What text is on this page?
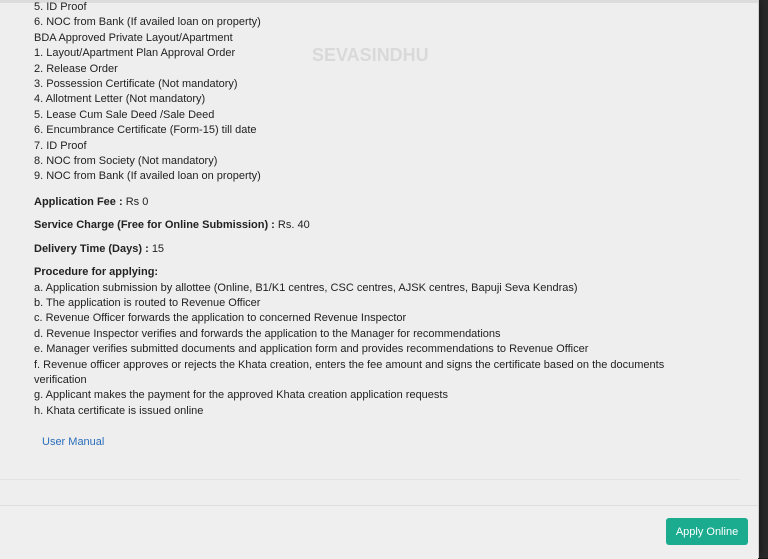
SEVASINDHU
5. ID Proof
6. NOC from Bank (If availed loan on property)
BDA Approved Private Layout/Apartment
1. Layout/Apartment Plan Approval Order
2. Release Order
3. Possession Certificate (Not mandatory)
4. Allotment Letter (Not mandatory)
5. Lease Cum Sale Deed /Sale Deed
6. Encumbrance Certificate (Form-15) till date
7. ID Proof
8. NOC from Society (Not mandatory)
9. NOC from Bank (If availed loan on property)
Application Fee : Rs 0
Service Charge (Free for Online Submission) : Rs. 40
Delivery Time (Days) : 15
Procedure for applying:
a. Application submission by allottee (Online, B1/K1 centres, CSC centres, AJSK centres, Bapuji Seva Kendras)
b. The application is routed to Revenue Officer
c. Revenue Officer forwards the application to concerned Revenue Inspector
d. Revenue Inspector verifies and forwards the application to the Manager for recommendations
e. Manager verifies submitted documents and application form and provides recommendations to Revenue Officer
f. Revenue officer approves or rejects the Khata creation, enters the fee amount and signs the certificate based on the documents verification
g. Applicant makes the payment for the approved Khata creation application requests
h. Khata certificate is issued online
User Manual
Apply Online
